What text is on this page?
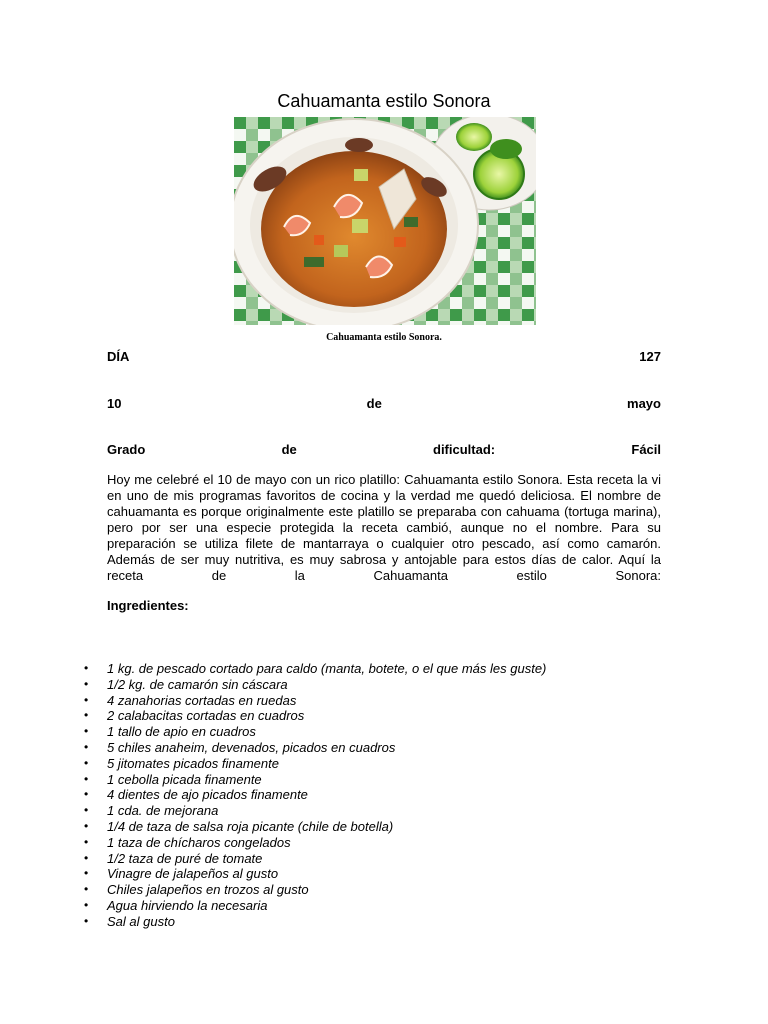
Cahuamanta estilo Sonora
Cahuamanta estilo Sonora.
DÍA	127
10	de	mayo
Grado	de	dificultad:	Fácil

Hoy me celebré el 10 de mayo con un rico platillo: Cahuamanta estilo Sonora. Esta receta la vi en uno de mis programas favoritos de cocina y la verdad me quedó deliciosa. El nombre de cahuamanta es porque originalmente este platillo se preparaba con cahuama (tortuga marina), pero por ser una especie protegida la receta cambió, aunque no el nombre. Para su preparación se utiliza filete de mantarraya o cualquier otro pescado, así como camarón. Además de ser muy nutritiva, es muy sabrosa y antojable para estos días de calor. Aquí la receta de la Cahuamanta estilo Sonora:

Ingredientes:
• 1 kg. de pescado cortado para caldo (manta, botete, o el que más les guste)
• 1/2 kg. de camarón sin cáscara
• 4 zanahorias cortadas en ruedas
• 2 calabacitas cortadas en cuadros
• 1 tallo de apio en cuadros
• 5 chiles anaheim, devenados, picados en cuadros
• 5 jitomates picados finamente
• 1 cebolla picada finamente
• 4 dientes de ajo picados finamente
• 1 cda. de mejorana
• 1/4 de taza de salsa roja picante (chile de botella)
• 1 taza de chícharos congelados
• 1/2 taza de puré de tomate
• Vinagre de jalapeños al gusto
• Chiles jalapeños en trozos al gusto
• Agua hirviendo la necesaria
• Sal al gusto
